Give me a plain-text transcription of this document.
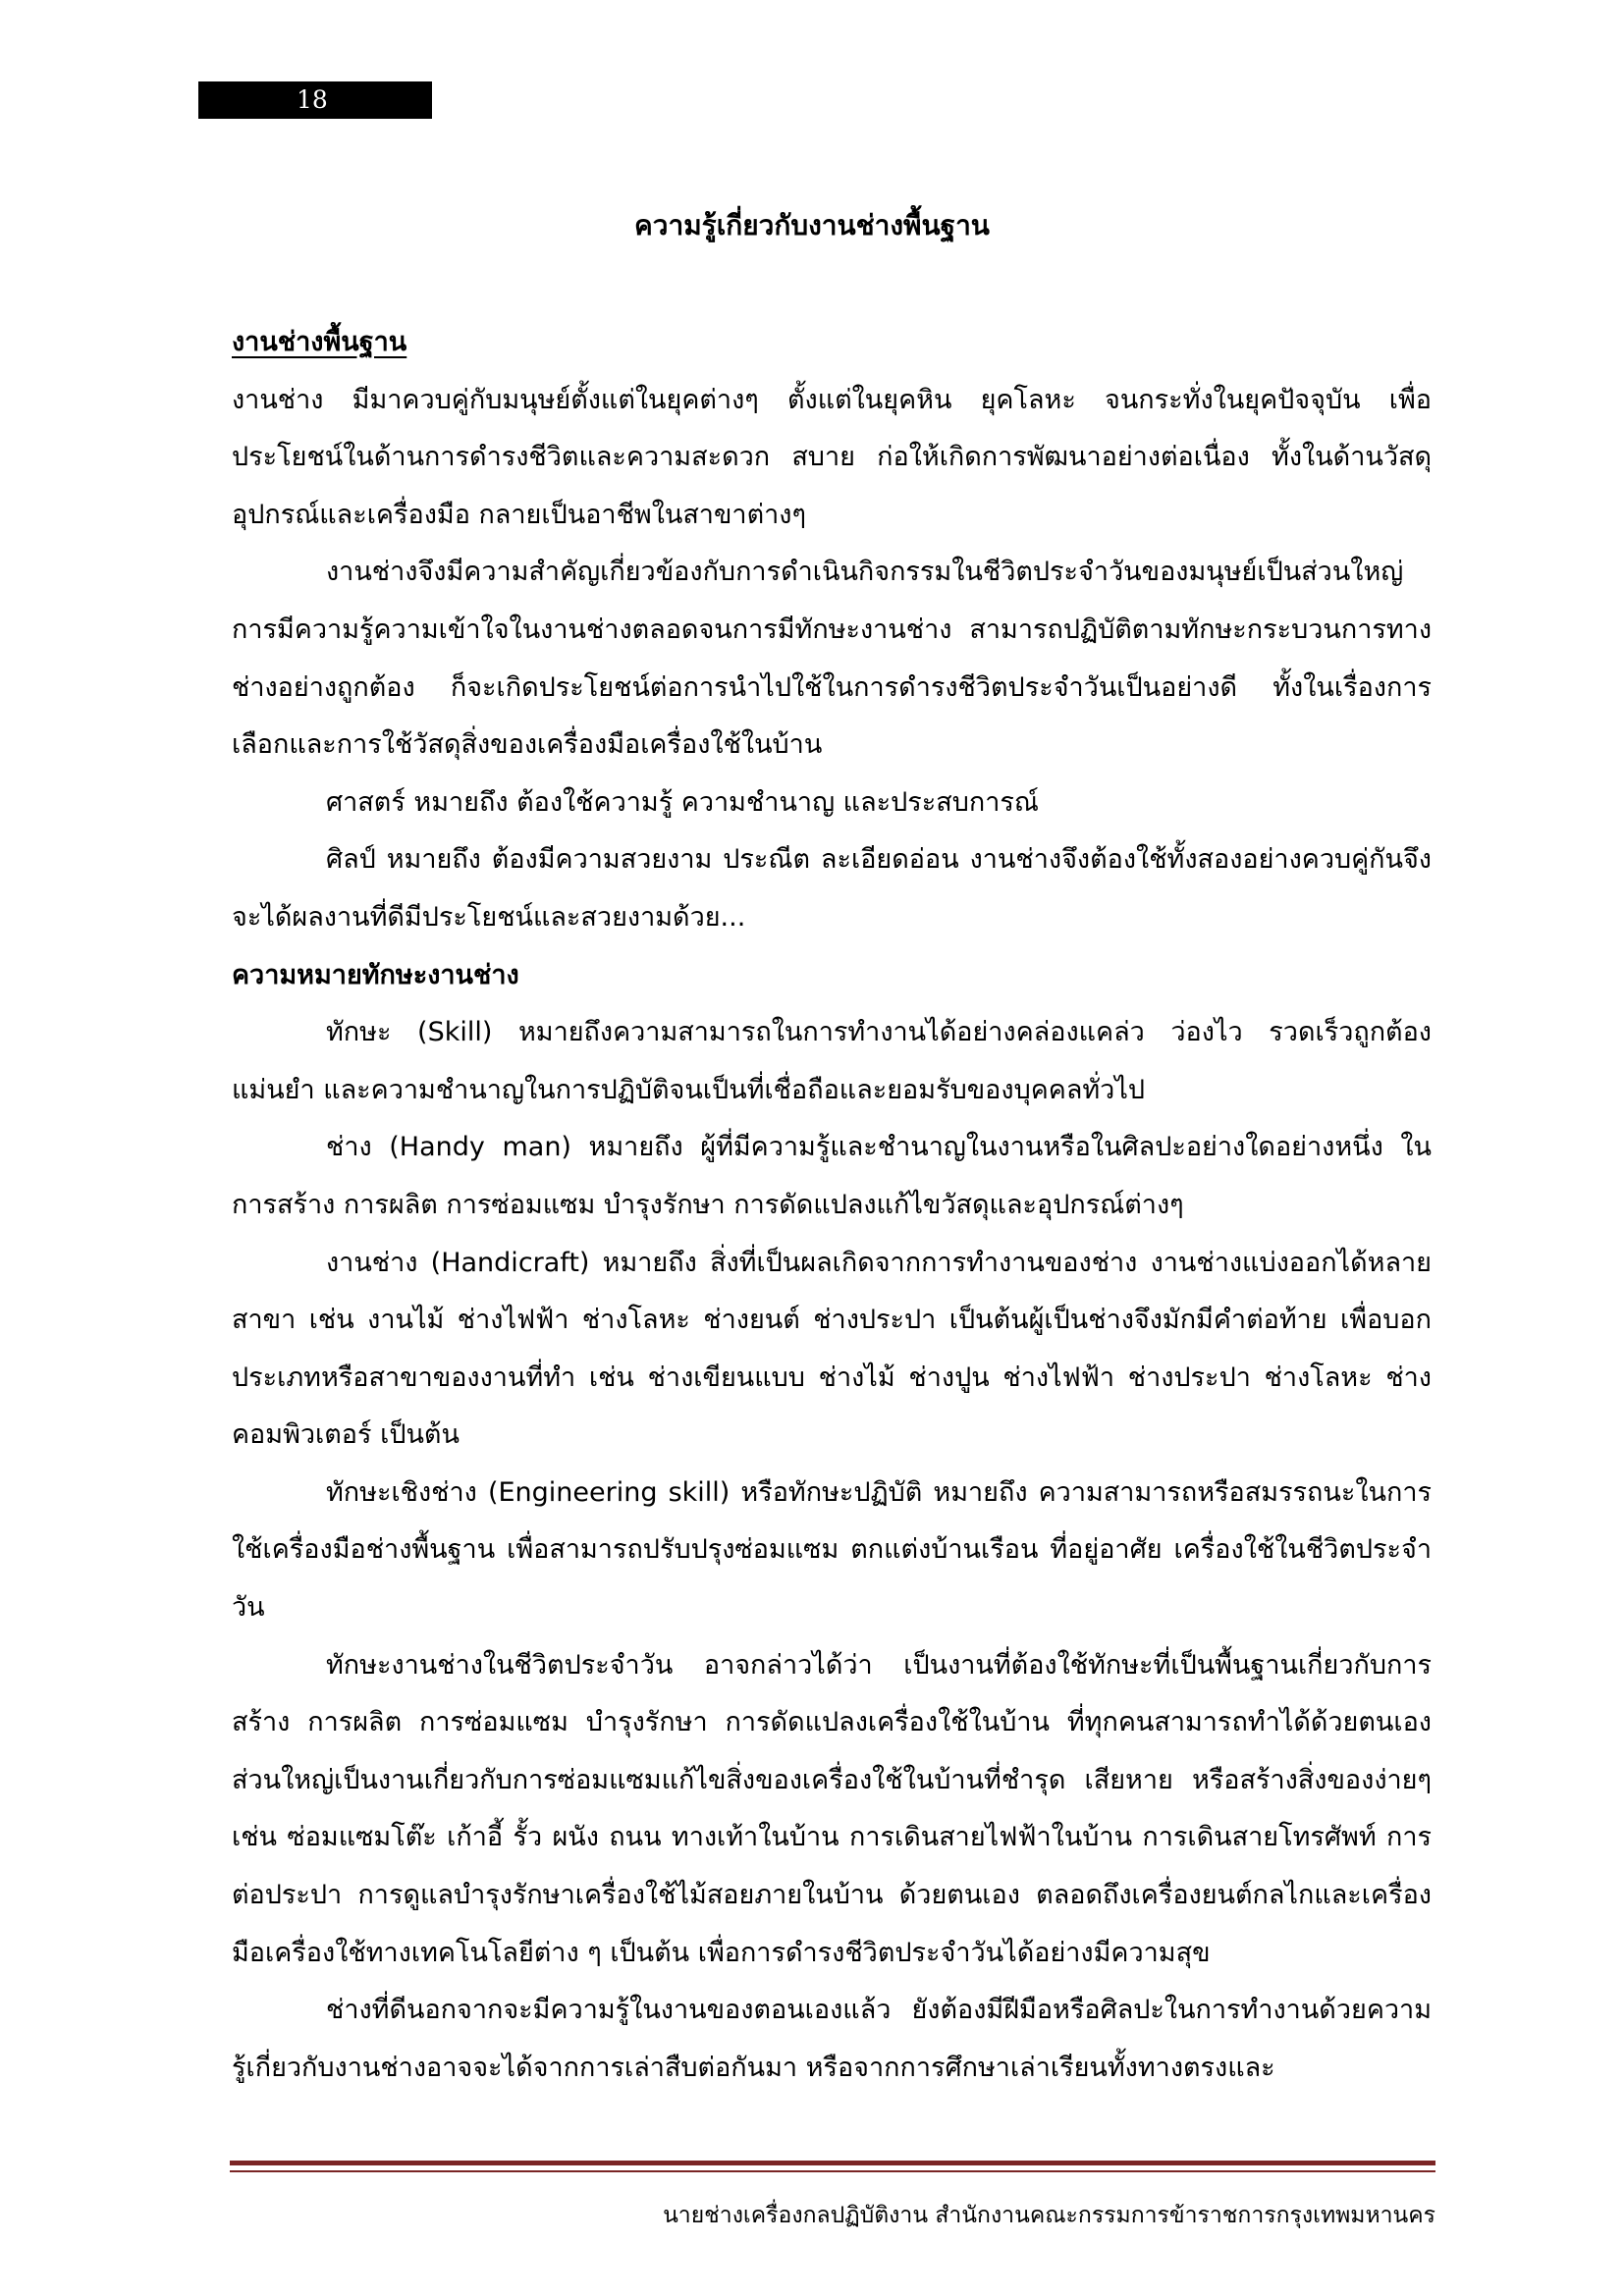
18
ความรู้เกี่ยวกับงานช่างพื้นฐาน
งานช่างพื้นฐาน

งานช่าง มีมาควบคู่กับมนุษย์ตั้งแต่ในยุคต่างๆ ตั้งแต่ในยุคหิน ยุคโลหะ จนกระทั่งในยุคปัจจุบัน เพื่อประโยชน์ในด้านการดำรงชีวิตและความสะดวก สบาย ก่อให้เกิดการพัฒนาอย่างต่อเนื่อง ทั้งในด้านวัสดุอุปกรณ์และเครื่องมือ กลายเป็นอาชีพในสาขาต่างๆ

งานช่างจึงมีความสำคัญเกี่ยวข้องกับการดำเนินกิจกรรมในชีวิตประจำวันของมนุษย์เป็นส่วนใหญ่ การมีความรู้ความเข้าใจในงานช่างตลอดจนการมีทักษะงานช่าง สามารถปฏิบัติตามทักษะกระบวนการทางช่างอย่างถูกต้อง ก็จะเกิดประโยชน์ต่อการนำไปใช้ในการดำรงชีวิตประจำวันเป็นอย่างดี ทั้งในเรื่องการเลือกและการใช้วัสดุสิ่งของเครื่องมือเครื่องใช้ในบ้าน

ศาสตร์ หมายถึง ต้องใช้ความรู้ ความชำนาญ และประสบการณ์

ศิลป์ หมายถึง ต้องมีความสวยงาม ประณีต ละเอียดอ่อน งานช่างจึงต้องใช้ทั้งสองอย่างควบคู่กันจึงจะได้ผลงานที่ดีมีประโยชน์และสวยงามด้วย...

ความหมายทักษะงานช่าง

ทักษะ (Skill) หมายถึงความสามารถในการทำงานได้อย่างคล่องแคล่ว ว่องไว รวดเร็วถูกต้องแม่นยำ และความชำนาญในการปฏิบัติจนเป็นที่เชื่อถือและยอมรับของบุคคลทั่วไป

ช่าง (Handy man) หมายถึง ผู้ที่มีความรู้และชำนาญในงานหรือในศิลปะอย่างใดอย่างหนึ่ง ในการสร้าง การผลิต การซ่อมแซม บำรุงรักษา การดัดแปลงแก้ไขวัสดุและอุปกรณ์ต่างๆ

งานช่าง (Handicraft) หมายถึง สิ่งที่เป็นผลเกิดจากการทำงานของช่าง งานช่างแบ่งออกได้หลายสาขา เช่น งานไม้ ช่างไฟฟ้า ช่างโลหะ ช่างยนต์ ช่างประปา เป็นต้นผู้เป็นช่างจึงมักมีคำต่อท้าย เพื่อบอกประเภทหรือสาขาของงานที่ทำ เช่น ช่างเขียนแบบ ช่างไม้ ช่างปูน ช่างไฟฟ้า ช่างประปา ช่างโลหะ ช่างคอมพิวเตอร์ เป็นต้น

ทักษะเชิงช่าง (Engineering skill) หรือทักษะปฏิบัติ หมายถึง ความสามารถหรือสมรรถนะในการใช้เครื่องมือช่างพื้นฐาน เพื่อสามารถปรับปรุงซ่อมแซม ตกแต่งบ้านเรือน ที่อยู่อาศัย เครื่องใช้ในชีวิตประจำวัน

ทักษะงานช่างในชีวิตประจำวัน อาจกล่าวได้ว่า เป็นงานที่ต้องใช้ทักษะที่เป็นพื้นฐานเกี่ยวกับการสร้าง การผลิต การซ่อมแซม บำรุงรักษา การดัดแปลงเครื่องใช้ในบ้าน ที่ทุกคนสามารถทำได้ด้วยตนเองส่วนใหญ่เป็นงานเกี่ยวกับการซ่อมแซมแก้ไขสิ่งของเครื่องใช้ในบ้านที่ชำรุด เสียหาย หรือสร้างสิ่งของง่ายๆ เช่น ซ่อมแซมโต๊ะ เก้าอี้ รั้ว ผนัง ถนน ทางเท้าในบ้าน การเดินสายไฟฟ้าในบ้าน การเดินสายโทรศัพท์ การต่อประปา การดูแลบำรุงรักษาเครื่องใช้ไม้สอยภายในบ้าน ด้วยตนเอง ตลอดถึงเครื่องยนต์กลไกและเครื่องมือเครื่องใช้ทางเทคโนโลยีต่าง ๆ เป็นต้น เพื่อการดำรงชีวิตประจำวันได้อย่างมีความสุข

ช่างที่ดีนอกจากจะมีความรู้ในงานของตอนเองแล้ว ยังต้องมีฝีมือหรือศิลปะในการทำงานด้วยความรู้เกี่ยวกับงานช่างอาจจะได้จากการเล่าสืบต่อกันมา หรือจากการศึกษาเล่าเรียนทั้งทางตรงและ

นายช่างเครื่องกลปฏิบัติงาน สำนักงานคณะกรรมการข้าราชการกรุงเทพมหานคร
